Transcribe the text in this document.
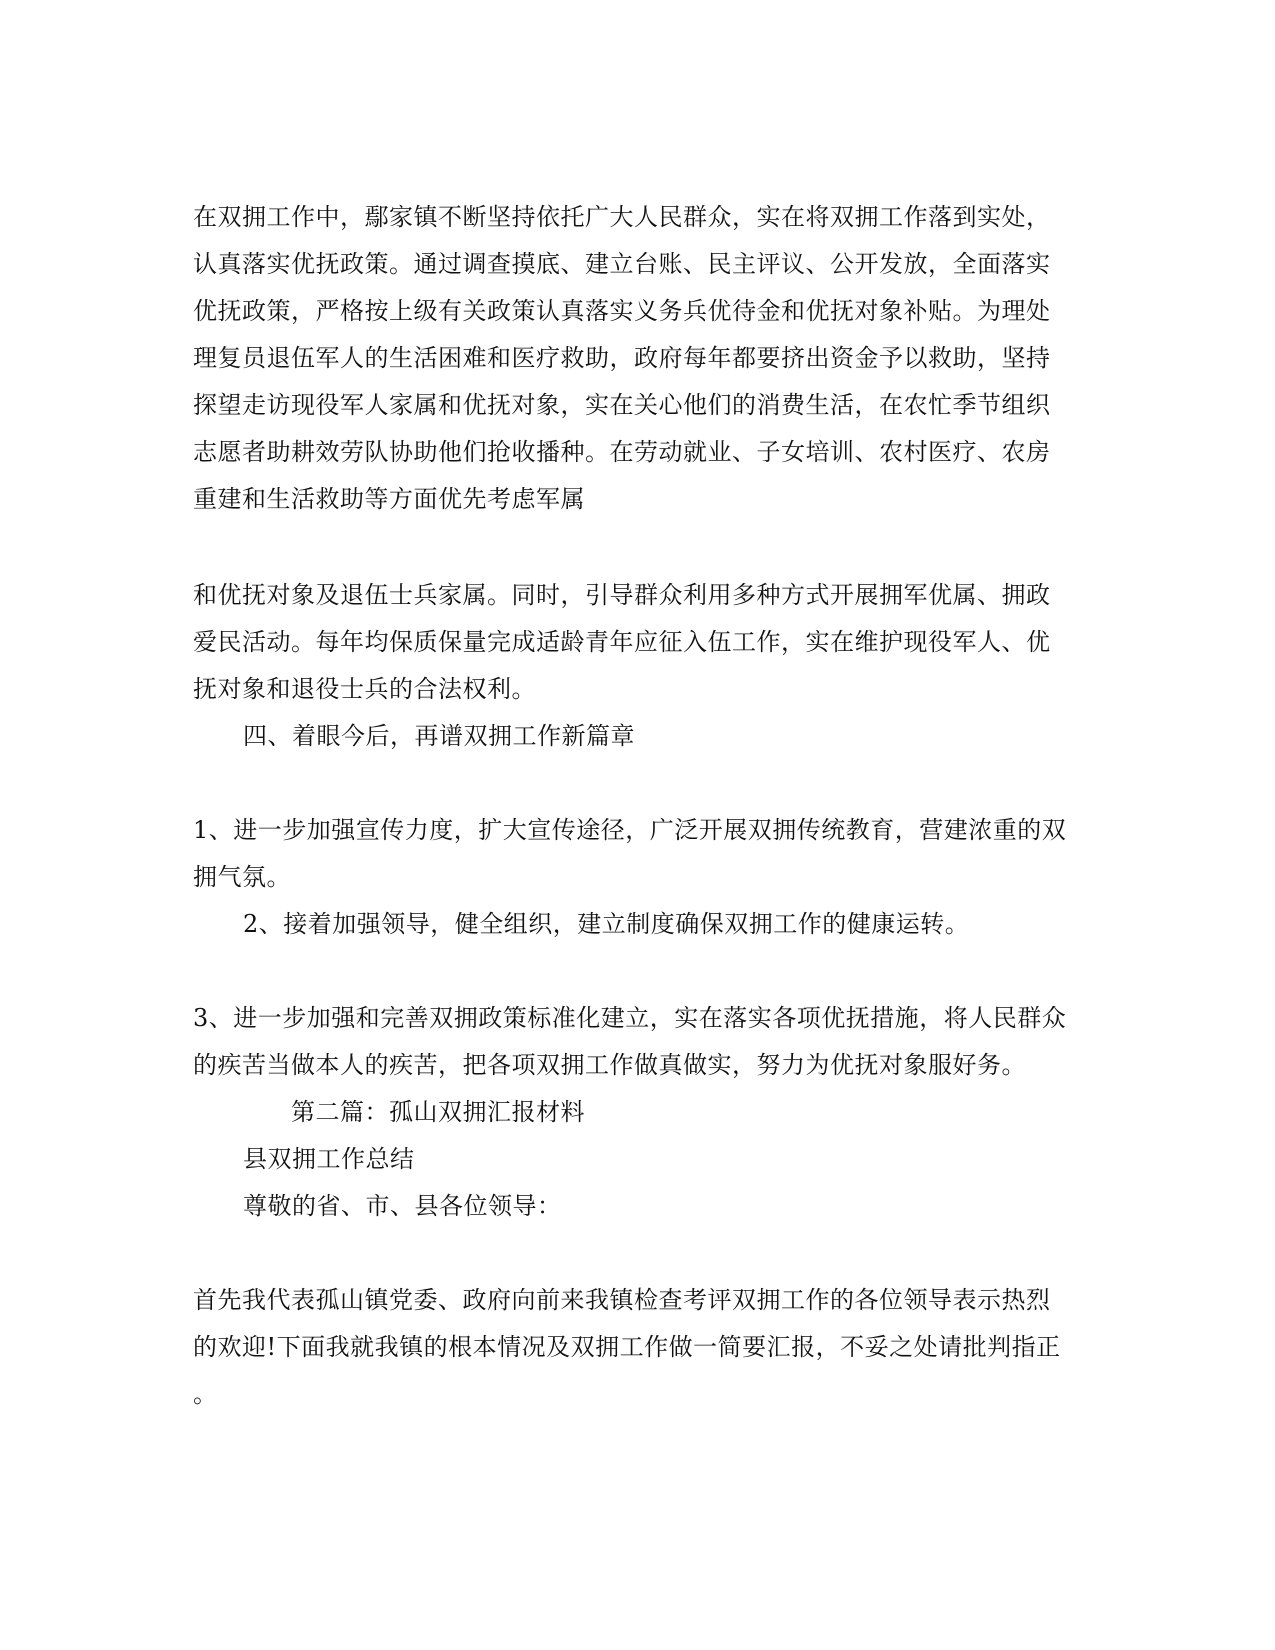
在双拥工作中，鄢家镇不断坚持依托广大人民群众，实在将双拥工作落到实处，
认真落实优抚政策。通过调查摸底、建立台账、民主评议、公开发放，全面落实
优抚政策，严格按上级有关政策认真落实义务兵优待金和优抚对象补贴。为理处
理复员退伍军人的生活困难和医疗救助，政府每年都要挤出资金予以救助，坚持
探望走访现役军人家属和优抚对象，实在关心他们的消费生活，在农忙季节组织
志愿者助耕效劳队协助他们抢收播种。在劳动就业、子女培训、农村医疗、农房
重建和生活救助等方面优先考虑军属
和优抚对象及退伍士兵家属。同时，引导群众利用多种方式开展拥军优属、拥政
爱民活动。每年均保质保量完成适龄青年应征入伍工作，实在维护现役军人、优
抚对象和退役士兵的合法权利。
四、着眼今后，再谱双拥工作新篇章
1、进一步加强宣传力度，扩大宣传途径，广泛开展双拥传统教育，营建浓重的双
拥气氛。
2、接着加强领导，健全组织，建立制度确保双拥工作的健康运转。
3、进一步加强和完善双拥政策标准化建立，实在落实各项优抚措施，将人民群众
的疾苦当做本人的疾苦，把各项双拥工作做真做实，努力为优抚对象服好务。
第二篇：孤山双拥汇报材料
县双拥工作总结
尊敬的省、市、县各位领导：
首先我代表孤山镇党委、政府向前来我镇检查考评双拥工作的各位领导表示热烈
的欢迎!下面我就我镇的根本情况及双拥工作做一简要汇报，不妥之处请批判指正
。
